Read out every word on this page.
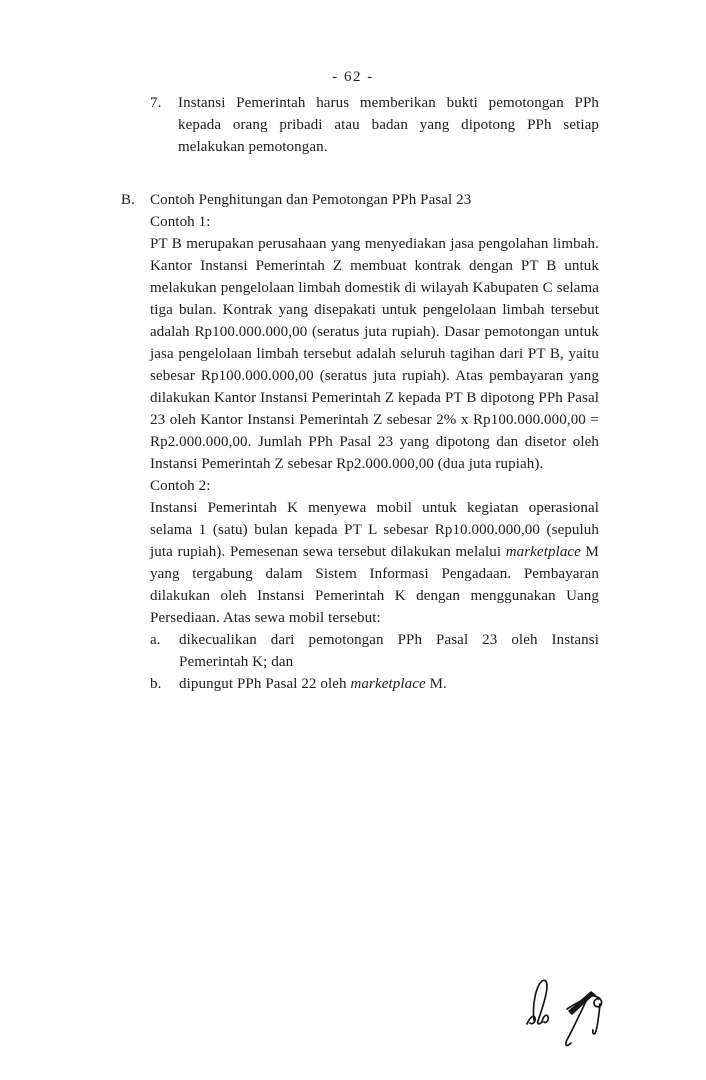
- 62 -
7.	Instansi Pemerintah harus memberikan bukti pemotongan PPh kepada orang pribadi atau badan yang dipotong PPh setiap melakukan pemotongan.
B.	Contoh Penghitungan dan Pemotongan PPh Pasal 23
Contoh 1:
PT B merupakan perusahaan yang menyediakan jasa pengolahan limbah. Kantor Instansi Pemerintah Z membuat kontrak dengan PT B untuk melakukan pengelolaan limbah domestik di wilayah Kabupaten C selama tiga bulan. Kontrak yang disepakati untuk pengelolaan limbah tersebut adalah Rp100.000.000,00 (seratus juta rupiah). Dasar pemotongan untuk jasa pengelolaan limbah tersebut adalah seluruh tagihan dari PT B, yaitu sebesar Rp100.000.000,00 (seratus juta rupiah). Atas pembayaran yang dilakukan Kantor Instansi Pemerintah Z kepada PT B dipotong PPh Pasal 23 oleh Kantor Instansi Pemerintah Z sebesar 2% x Rp100.000.000,00 = Rp2.000.000,00. Jumlah PPh Pasal 23 yang dipotong dan disetor oleh Instansi Pemerintah Z sebesar Rp2.000.000,00 (dua juta rupiah).
Contoh 2:
Instansi Pemerintah K menyewa mobil untuk kegiatan operasional selama 1 (satu) bulan kepada PT L sebesar Rp10.000.000,00 (sepuluh juta rupiah). Pemesenan sewa tersebut dilakukan melalui marketplace M yang tergabung dalam Sistem Informasi Pengadaan. Pembayaran dilakukan oleh Instansi Pemerintah K dengan menggunakan Uang Persediaan. Atas sewa mobil tersebut:
a.	dikecualikan dari pemotongan PPh Pasal 23 oleh Instansi Pemerintah K; dan
b.	dipungut PPh Pasal 22 oleh marketplace M.
